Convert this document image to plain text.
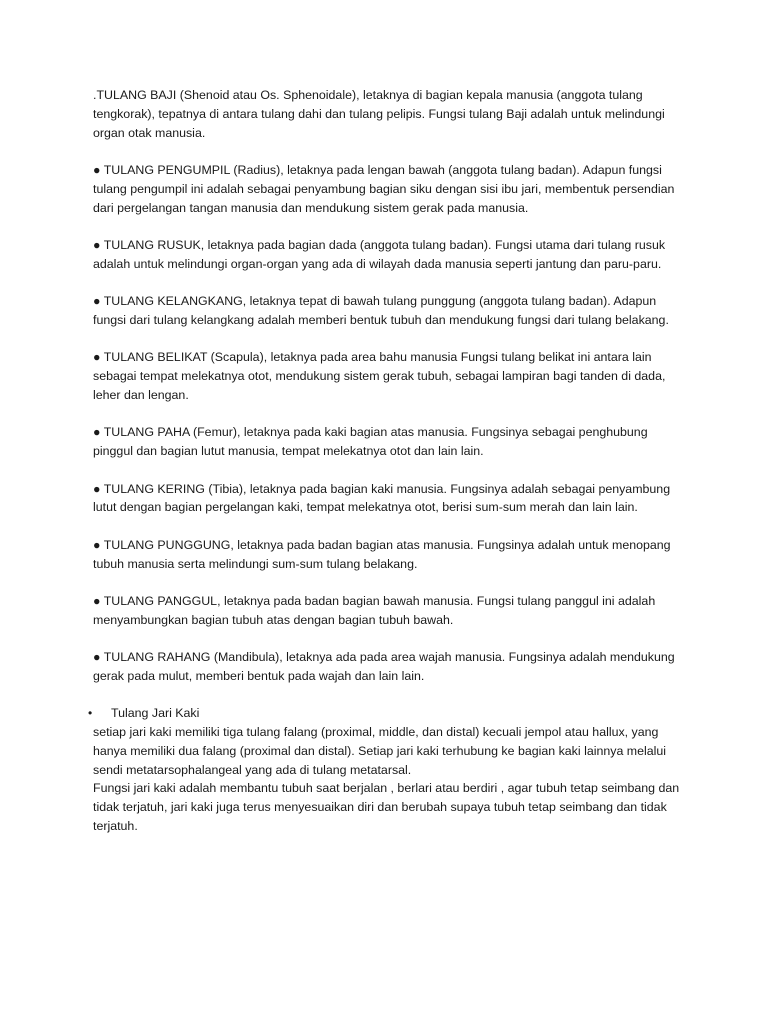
.TULANG BAJI (Shenoid atau Os. Sphenoidale), letaknya di bagian kepala manusia (anggota tulang tengkorak), tepatnya di antara tulang dahi dan tulang pelipis. Fungsi tulang Baji adalah untuk melindungi organ otak manusia.

● TULANG PENGUMPIL (Radius), letaknya pada lengan bawah (anggota tulang badan). Adapun fungsi tulang pengumpil ini adalah sebagai penyambung bagian siku dengan sisi ibu jari, membentuk persendian dari pergelangan tangan manusia dan mendukung sistem gerak pada manusia.

● TULANG RUSUK, letaknya pada bagian dada (anggota tulang badan). Fungsi utama dari tulang rusuk adalah untuk melindungi organ-organ yang ada di wilayah dada manusia seperti jantung dan paru-paru.

● TULANG KELANGKANG, letaknya tepat di bawah tulang punggung (anggota tulang badan). Adapun fungsi dari tulang kelangkang adalah memberi bentuk tubuh dan mendukung fungsi dari tulang belakang.

● TULANG BELIKAT (Scapula), letaknya pada area bahu manusia Fungsi tulang belikat ini antara lain sebagai tempat melekatnya otot, mendukung sistem gerak tubuh, sebagai lampiran bagi tanden di dada, leher dan lengan.

● TULANG PAHA (Femur), letaknya pada kaki bagian atas manusia. Fungsinya sebagai penghubung pinggul dan bagian lutut manusia, tempat melekatnya otot dan lain lain.

● TULANG KERING (Tibia), letaknya pada bagian kaki manusia. Fungsinya adalah sebagai penyambung lutut dengan bagian pergelangan kaki, tempat melekatnya otot, berisi sum-sum merah dan lain lain.

● TULANG PUNGGUNG, letaknya pada badan bagian atas manusia. Fungsinya adalah untuk menopang tubuh manusia serta melindungi sum-sum tulang belakang.

● TULANG PANGGUL, letaknya pada badan bagian bawah manusia. Fungsi tulang panggul ini adalah menyambungkan bagian tubuh atas dengan bagian tubuh bawah.

● TULANG RAHANG (Mandibula), letaknya ada pada area wajah manusia. Fungsinya adalah mendukung gerak pada mulut, memberi bentuk pada wajah dan lain lain.

•	Tulang Jari Kaki

setiap jari kaki memiliki tiga tulang falang (proximal, middle, dan distal) kecuali jempol atau hallux, yang hanya memiliki dua falang (proximal dan distal). Setiap jari kaki terhubung ke bagian kaki lainnya melalui sendi metatarsophalangeal yang ada di tulang metatarsal.

Fungsi jari kaki adalah membantu tubuh saat berjalan , berlari atau berdiri , agar tubuh tetap seimbang dan tidak terjatuh, jari kaki juga terus menyesuaikan diri dan berubah supaya tubuh tetap seimbang dan tidak terjatuh.
